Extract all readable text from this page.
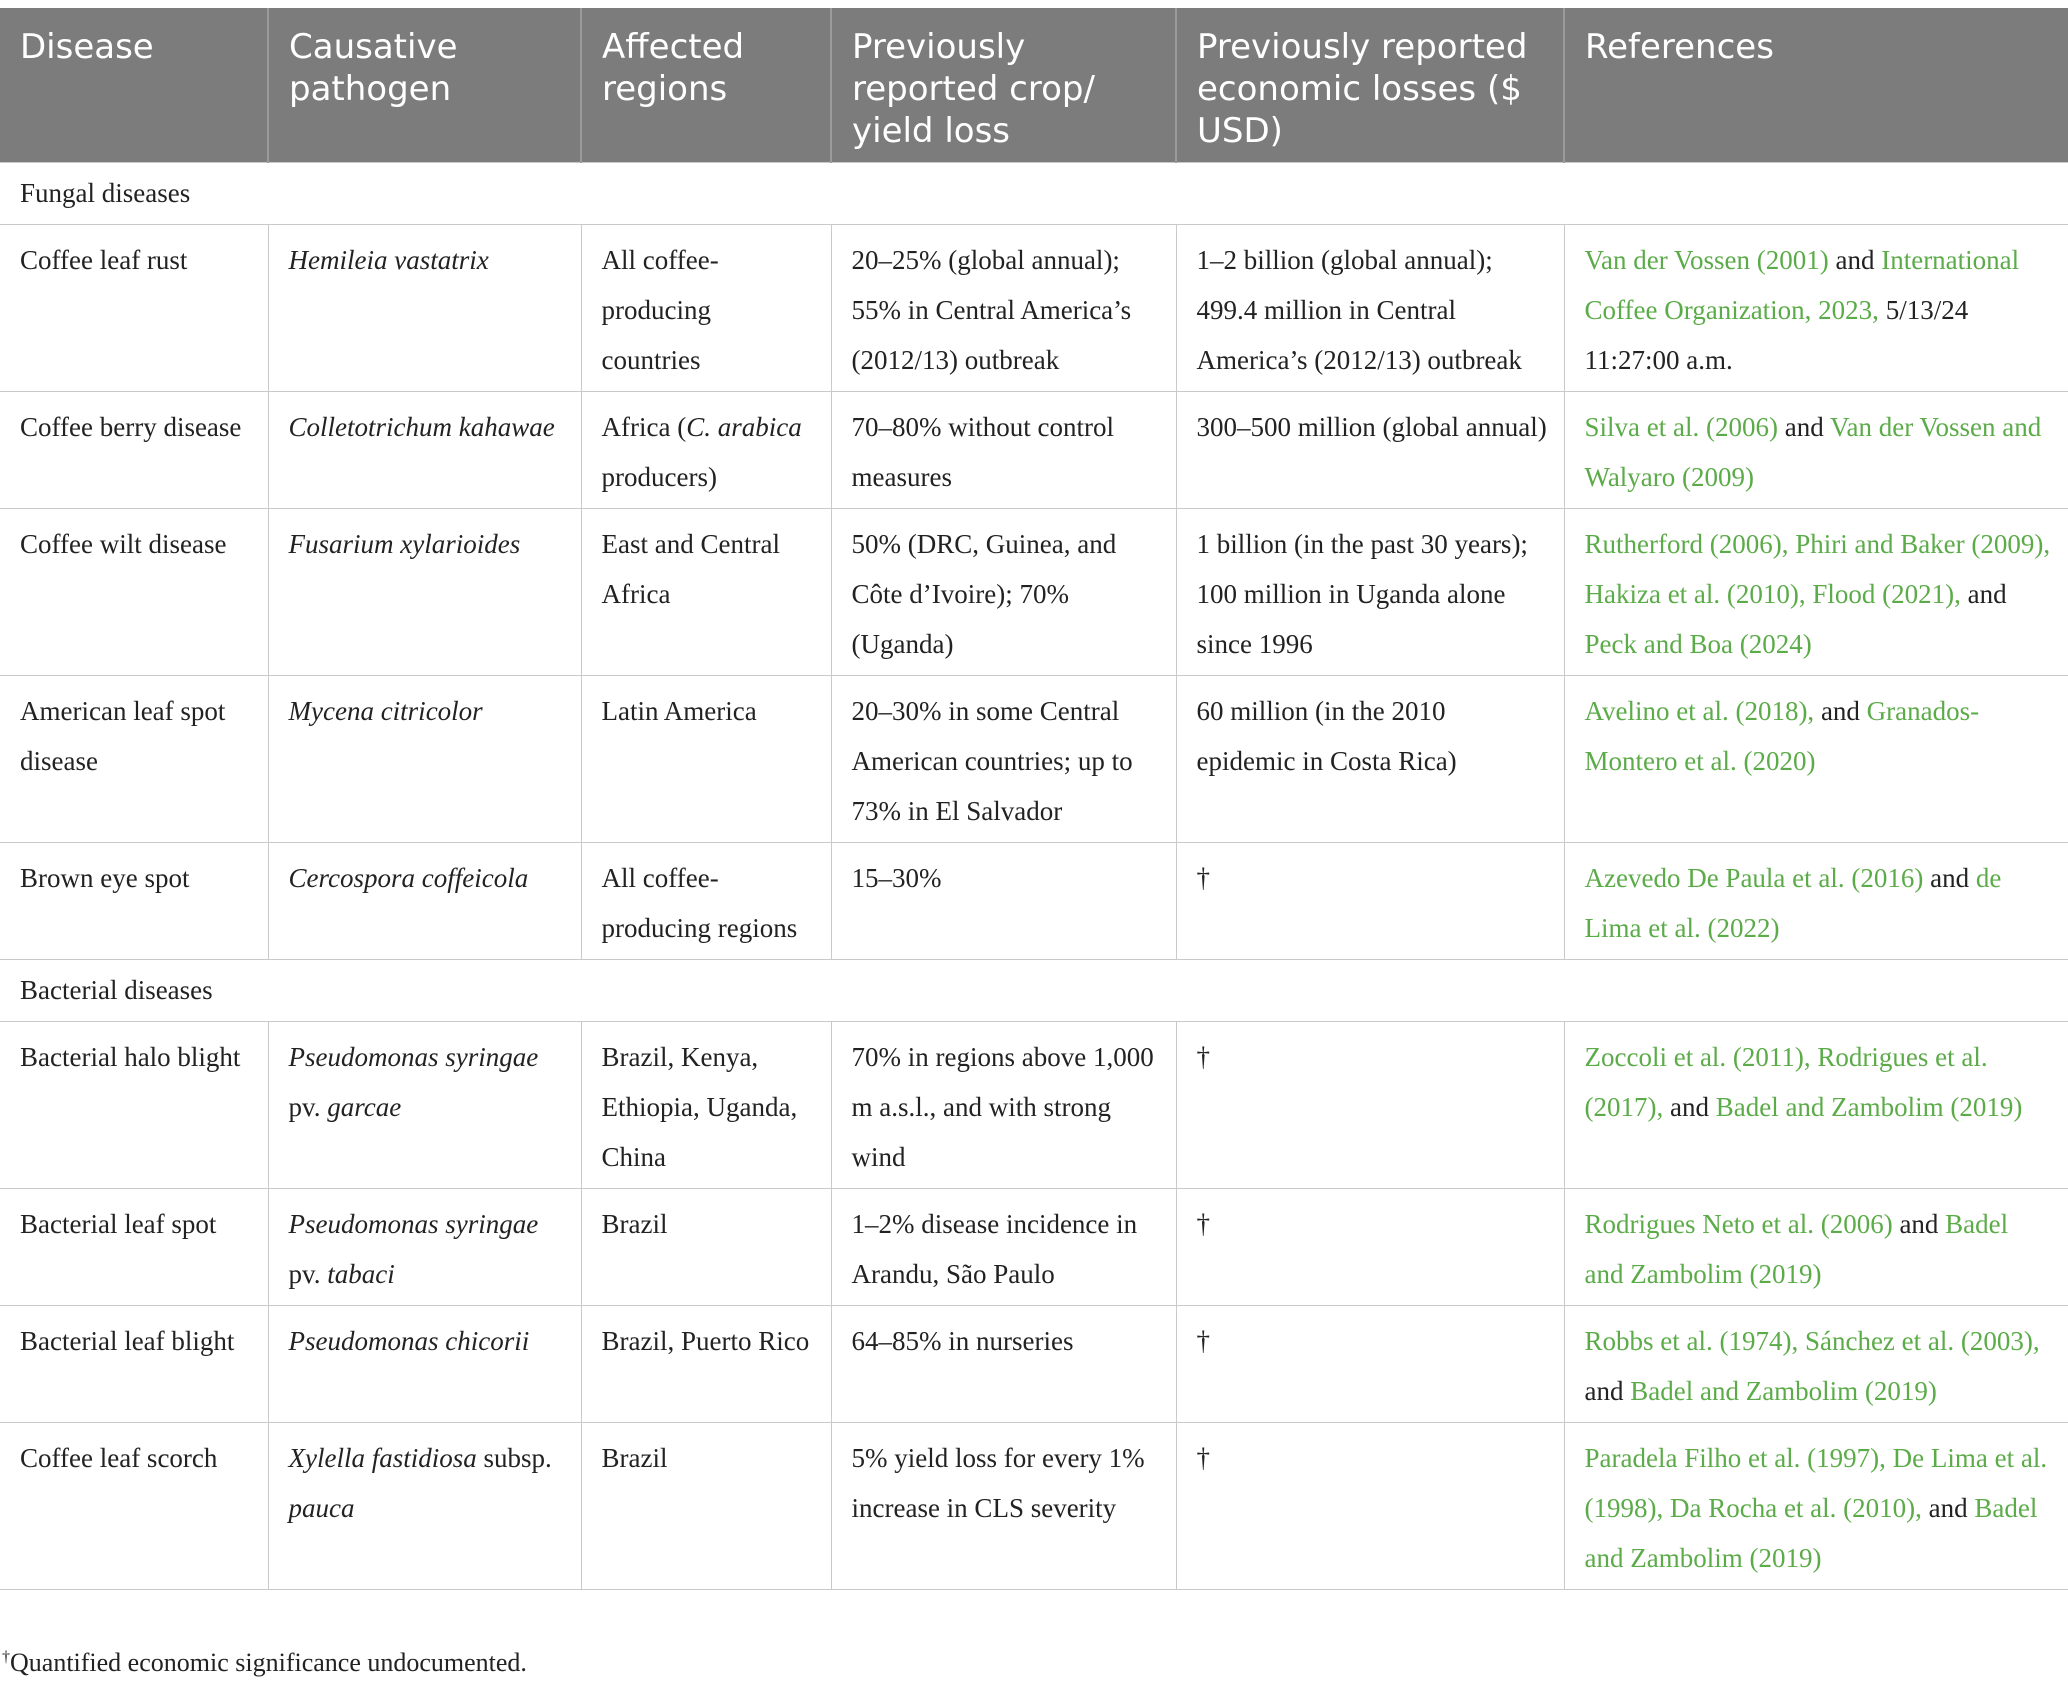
Disease	Causative pathogen	Affected regions	Previously reported crop/ yield loss	Previously reported economic losses ($ USD)	References
Fungal diseases					
Coffee leaf rust	Hemileia vastatrix	All coffee-producing countries	20–25% (global annual); 55% in Central America’s (2012/13) outbreak	1–2 billion (global annual); 499.4 million in Central America’s (2012/13) outbreak	Van der Vossen (2001) and International Coffee Organization, 2023, 5/13/24 11:27:00 a.m.
Coffee berry disease	Colletotrichum kahawae	Africa (C. arabica producers)	70–80% without control measures	300–500 million (global annual)	Silva et al. (2006) and Van der Vossen and Walyaro (2009)
Coffee wilt disease	Fusarium xylarioides	East and Central Africa	50% (DRC, Guinea, and Côte d’Ivoire); 70% (Uganda)	1 billion (in the past 30 years); 100 million in Uganda alone since 1996	Rutherford (2006), Phiri and Baker (2009), Hakiza et al. (2010), Flood (2021), and Peck and Boa (2024)
American leaf spot disease	Mycena citricolor	Latin America	20–30% in some Central American countries; up to 73% in El Salvador	60 million (in the 2010 epidemic in Costa Rica)	Avelino et al. (2018), and Granados-Montero et al. (2020)
Brown eye spot	Cercospora coffeicola	All coffee-producing regions	15–30%	†	Azevedo De Paula et al. (2016) and de Lima et al. (2022)
Bacterial diseases					
Bacterial halo blight	Pseudomonas syringae pv. garcae	Brazil, Kenya, Ethiopia, Uganda, China	70% in regions above 1,000 m a.s.l., and with strong wind	†	Zoccoli et al. (2011), Rodrigues et al. (2017), and Badel and Zambolim (2019)
Bacterial leaf spot	Pseudomonas syringae pv. tabaci	Brazil	1–2% disease incidence in Arandu, São Paulo	†	Rodrigues Neto et al. (2006) and Badel and Zambolim (2019)
Bacterial leaf blight	Pseudomonas chicorii	Brazil, Puerto Rico	64–85% in nurseries	†	Robbs et al. (1974), Sánchez et al. (2003), and Badel and Zambolim (2019)
Coffee leaf scorch	Xylella fastidiosa subsp. pauca	Brazil	5% yield loss for every 1% increase in CLS severity	†	Paradela Filho et al. (1997), De Lima et al. (1998), Da Rocha et al. (2010), and Badel and Zambolim (2019)
†Quantified economic significance undocumented.
